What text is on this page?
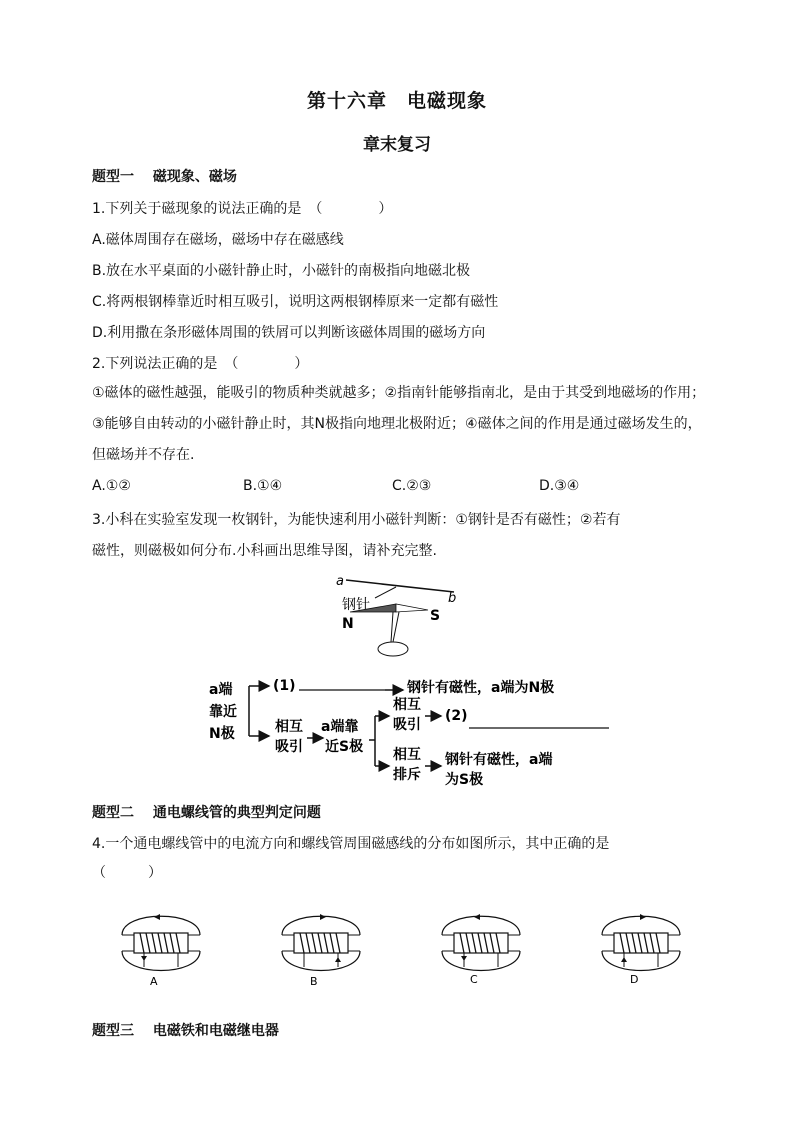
第十六章　电磁现象
章末复习
题型一　 磁现象、磁场
1.下列关于磁现象的说法正确的是　（　　　　）
A.磁体周围存在磁场，磁场中存在磁感线
B.放在水平桌面的小磁针静止时，小磁针的南极指向地磁北极
C.将两根钢棒靠近时相互吸引，说明这两根钢棒原来一定都有磁性
D.利用撒在条形磁体周围的铁屑可以判断该磁体周围的磁场方向
2.下列说法正确的是　（　　　　）
①磁体的磁性越强，能吸引的物质种类就越多；②指南针能够指南北，是由于其受到地磁场的作用；③能够自由转动的小磁针静止时，其N极指向地理北极附近；④磁体之间的作用是通过磁场发生的，但磁场并不存在.
A.①②	B.①④	C.②③	D.③④
3.小科在实验室发现一枚钢针，为能快速利用小磁针判断：①钢针是否有磁性；②若有
磁性，则磁极如何分布.小科画出思维导图，请补充完整.
a
b
钢针
N	S
a端
靠近
N极
(1)	钢针有磁性，a端为N极
相互
吸引
a端靠
近S极
相互
吸引
(2)
相互
排斥
钢针有磁性，a端
为S极
题型二　 通电螺线管的典型判定问题
4.一个通电螺线管中的电流方向和螺线管周围磁感线的分布如图所示，其中正确的是
（　　　）
A	B	C	D
题型三　 电磁铁和电磁继电器
